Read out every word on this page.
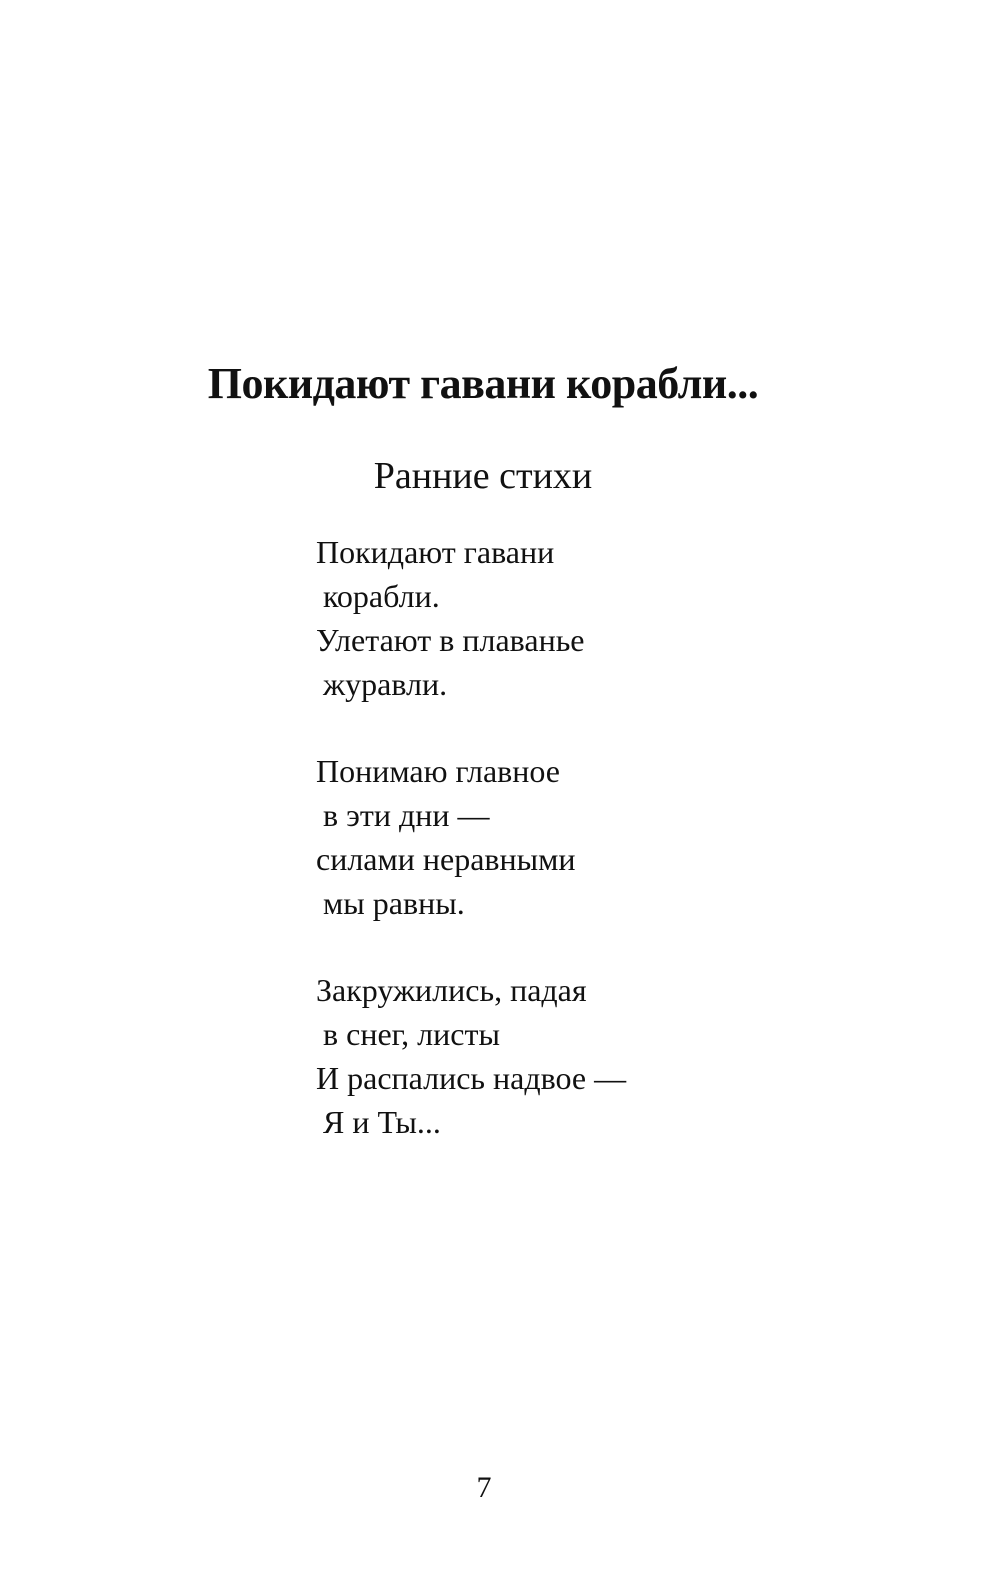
Покидают гавани корабли...
Ранние стихи
Покидают гавани
корабли.
Улетают в плаванье
журавли.
Понимаю главное
в эти дни —
силами неравными
мы равны.
Закружились, падая
в снег, листы
И распались надвое —
Я и Ты...
7
